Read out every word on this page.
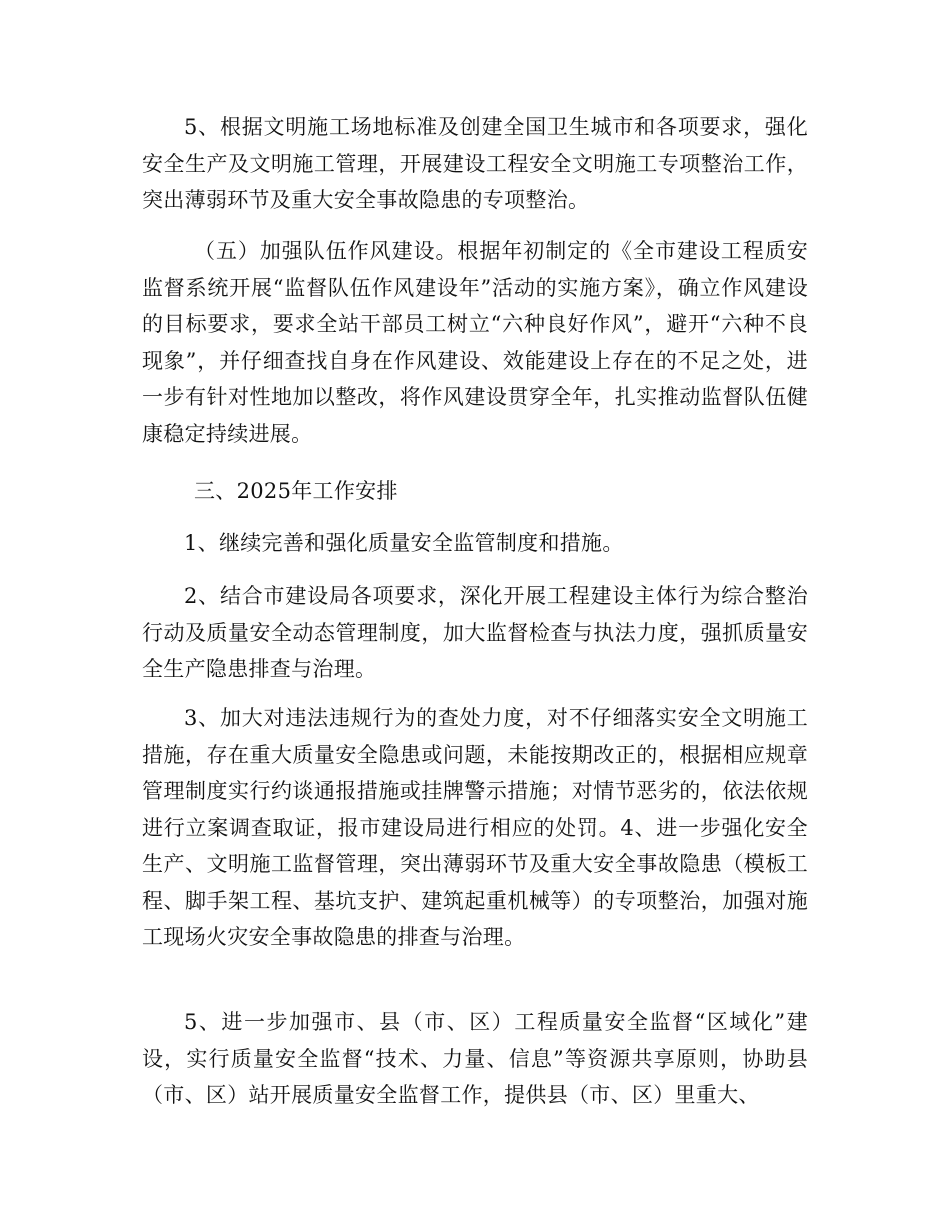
5、根据文明施工场地标准及创建全国卫生城市和各项要求，强化安全生产及文明施工管理，开展建设工程安全文明施工专项整治工作，突出薄弱环节及重大安全事故隐患的专项整治。

（五）加强队伍作风建设。根据年初制定的《全市建设工程质安监督系统开展“监督队伍作风建设年”活动的实施方案》，确立作风建设的目标要求，要求全站干部员工树立“六种良好作风”，避开“六种不良现象”，并仔细查找自身在作风建设、效能建设上存在的不足之处，进一步有针对性地加以整改，将作风建设贯穿全年，扎实推动监督队伍健康稳定持续进展。

三、2025年工作安排

1、继续完善和强化质量安全监管制度和措施。

2、结合市建设局各项要求，深化开展工程建设主体行为综合整治行动及质量安全动态管理制度，加大监督检查与执法力度，强抓质量安全生产隐患排查与治理。

3、加大对违法违规行为的查处力度，对不仔细落实安全文明施工措施，存在重大质量安全隐患或问题，未能按期改正的，根据相应规章管理制度实行约谈通报措施或挂牌警示措施；对情节恶劣的，依法依规进行立案调查取证，报市建设局进行相应的处罚。4、进一步强化安全生产、文明施工监督管理，突出薄弱环节及重大安全事故隐患（模板工程、脚手架工程、基坑支护、建筑起重机械等）的专项整治，加强对施工现场火灾安全事故隐患的排查与治理。

5、进一步加强市、县（市、区）工程质量安全监督“区域化”建设，实行质量安全监督“技术、力量、信息”等资源共享原则，协助县（市、区）站开展质量安全监督工作，提供县（市、区）里重大、
